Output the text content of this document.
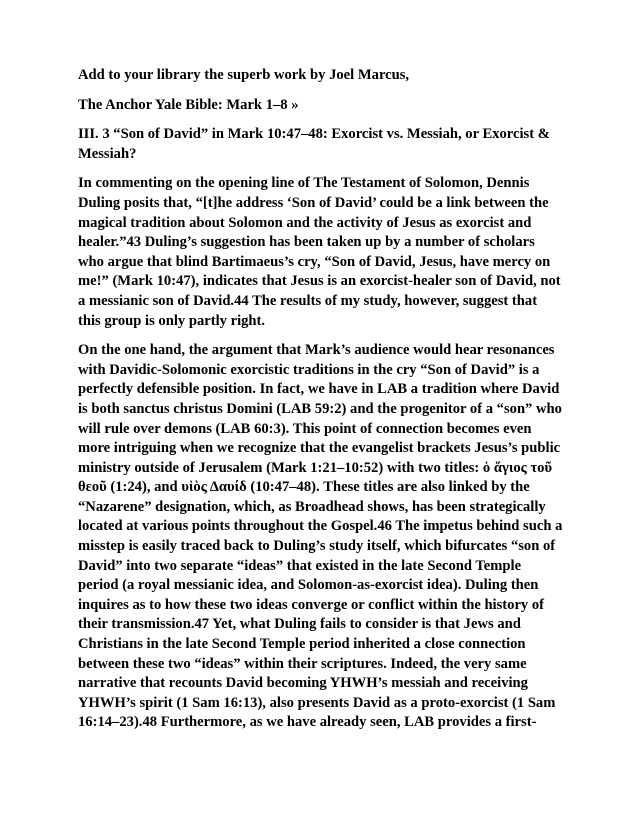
Add to your library the superb work by Joel Marcus,

The Anchor Yale Bible: Mark 1–8 »

III. 3 “Son of David” in Mark 10:47–48: Exorcist vs. Messiah, or Exorcist &
Messiah?

In commenting on the opening line of The Testament of Solomon, Dennis
Duling posits that, “[t]he address ‘Son of David’ could be a link between the
magical tradition about Solomon and the activity of Jesus as exorcist and
healer.”43 Duling’s suggestion has been taken up by a number of scholars
who argue that blind Bartimaeus’s cry, “Son of David, Jesus, have mercy on
me!” (Mark 10:47), indicates that Jesus is an exorcist-healer son of David, not
a messianic son of David.44 The results of my study, however, suggest that
this group is only partly right.

On the one hand, the argument that Mark’s audience would hear resonances
with Davidic-Solomonic exorcistic traditions in the cry “Son of David” is a
perfectly defensible position. In fact, we have in LAB a tradition where David
is both sanctus christus Domini (LAB 59:2) and the progenitor of a “son” who
will rule over demons (LAB 60:3). This point of connection becomes even
more intriguing when we recognize that the evangelist brackets Jesus’s public
ministry outside of Jerusalem (Mark 1:21–10:52) with two titles: ὁ ἅγιος τοῦ
θεοῦ (1:24), and υἱὸς Δαυίδ (10:47–48). These titles are also linked by the
“Nazarene” designation, which, as Broadhead shows, has been strategically
located at various points throughout the Gospel.46 The impetus behind such a
misstep is easily traced back to Duling’s study itself, which bifurcates “son of
David” into two separate “ideas” that existed in the late Second Temple
period (a royal messianic idea, and Solomon-as-exorcist idea). Duling then
inquires as to how these two ideas converge or conflict within the history of
their transmission.47 Yet, what Duling fails to consider is that Jews and
Christians in the late Second Temple period inherited a close connection
between these two “ideas” within their scriptures. Indeed, the very same
narrative that recounts David becoming YHWH’s messiah and receiving
YHWH’s spirit (1 Sam 16:13), also presents David as a proto-exorcist (1 Sam
16:14–23).48 Furthermore, as we have already seen, LAB provides a first-
